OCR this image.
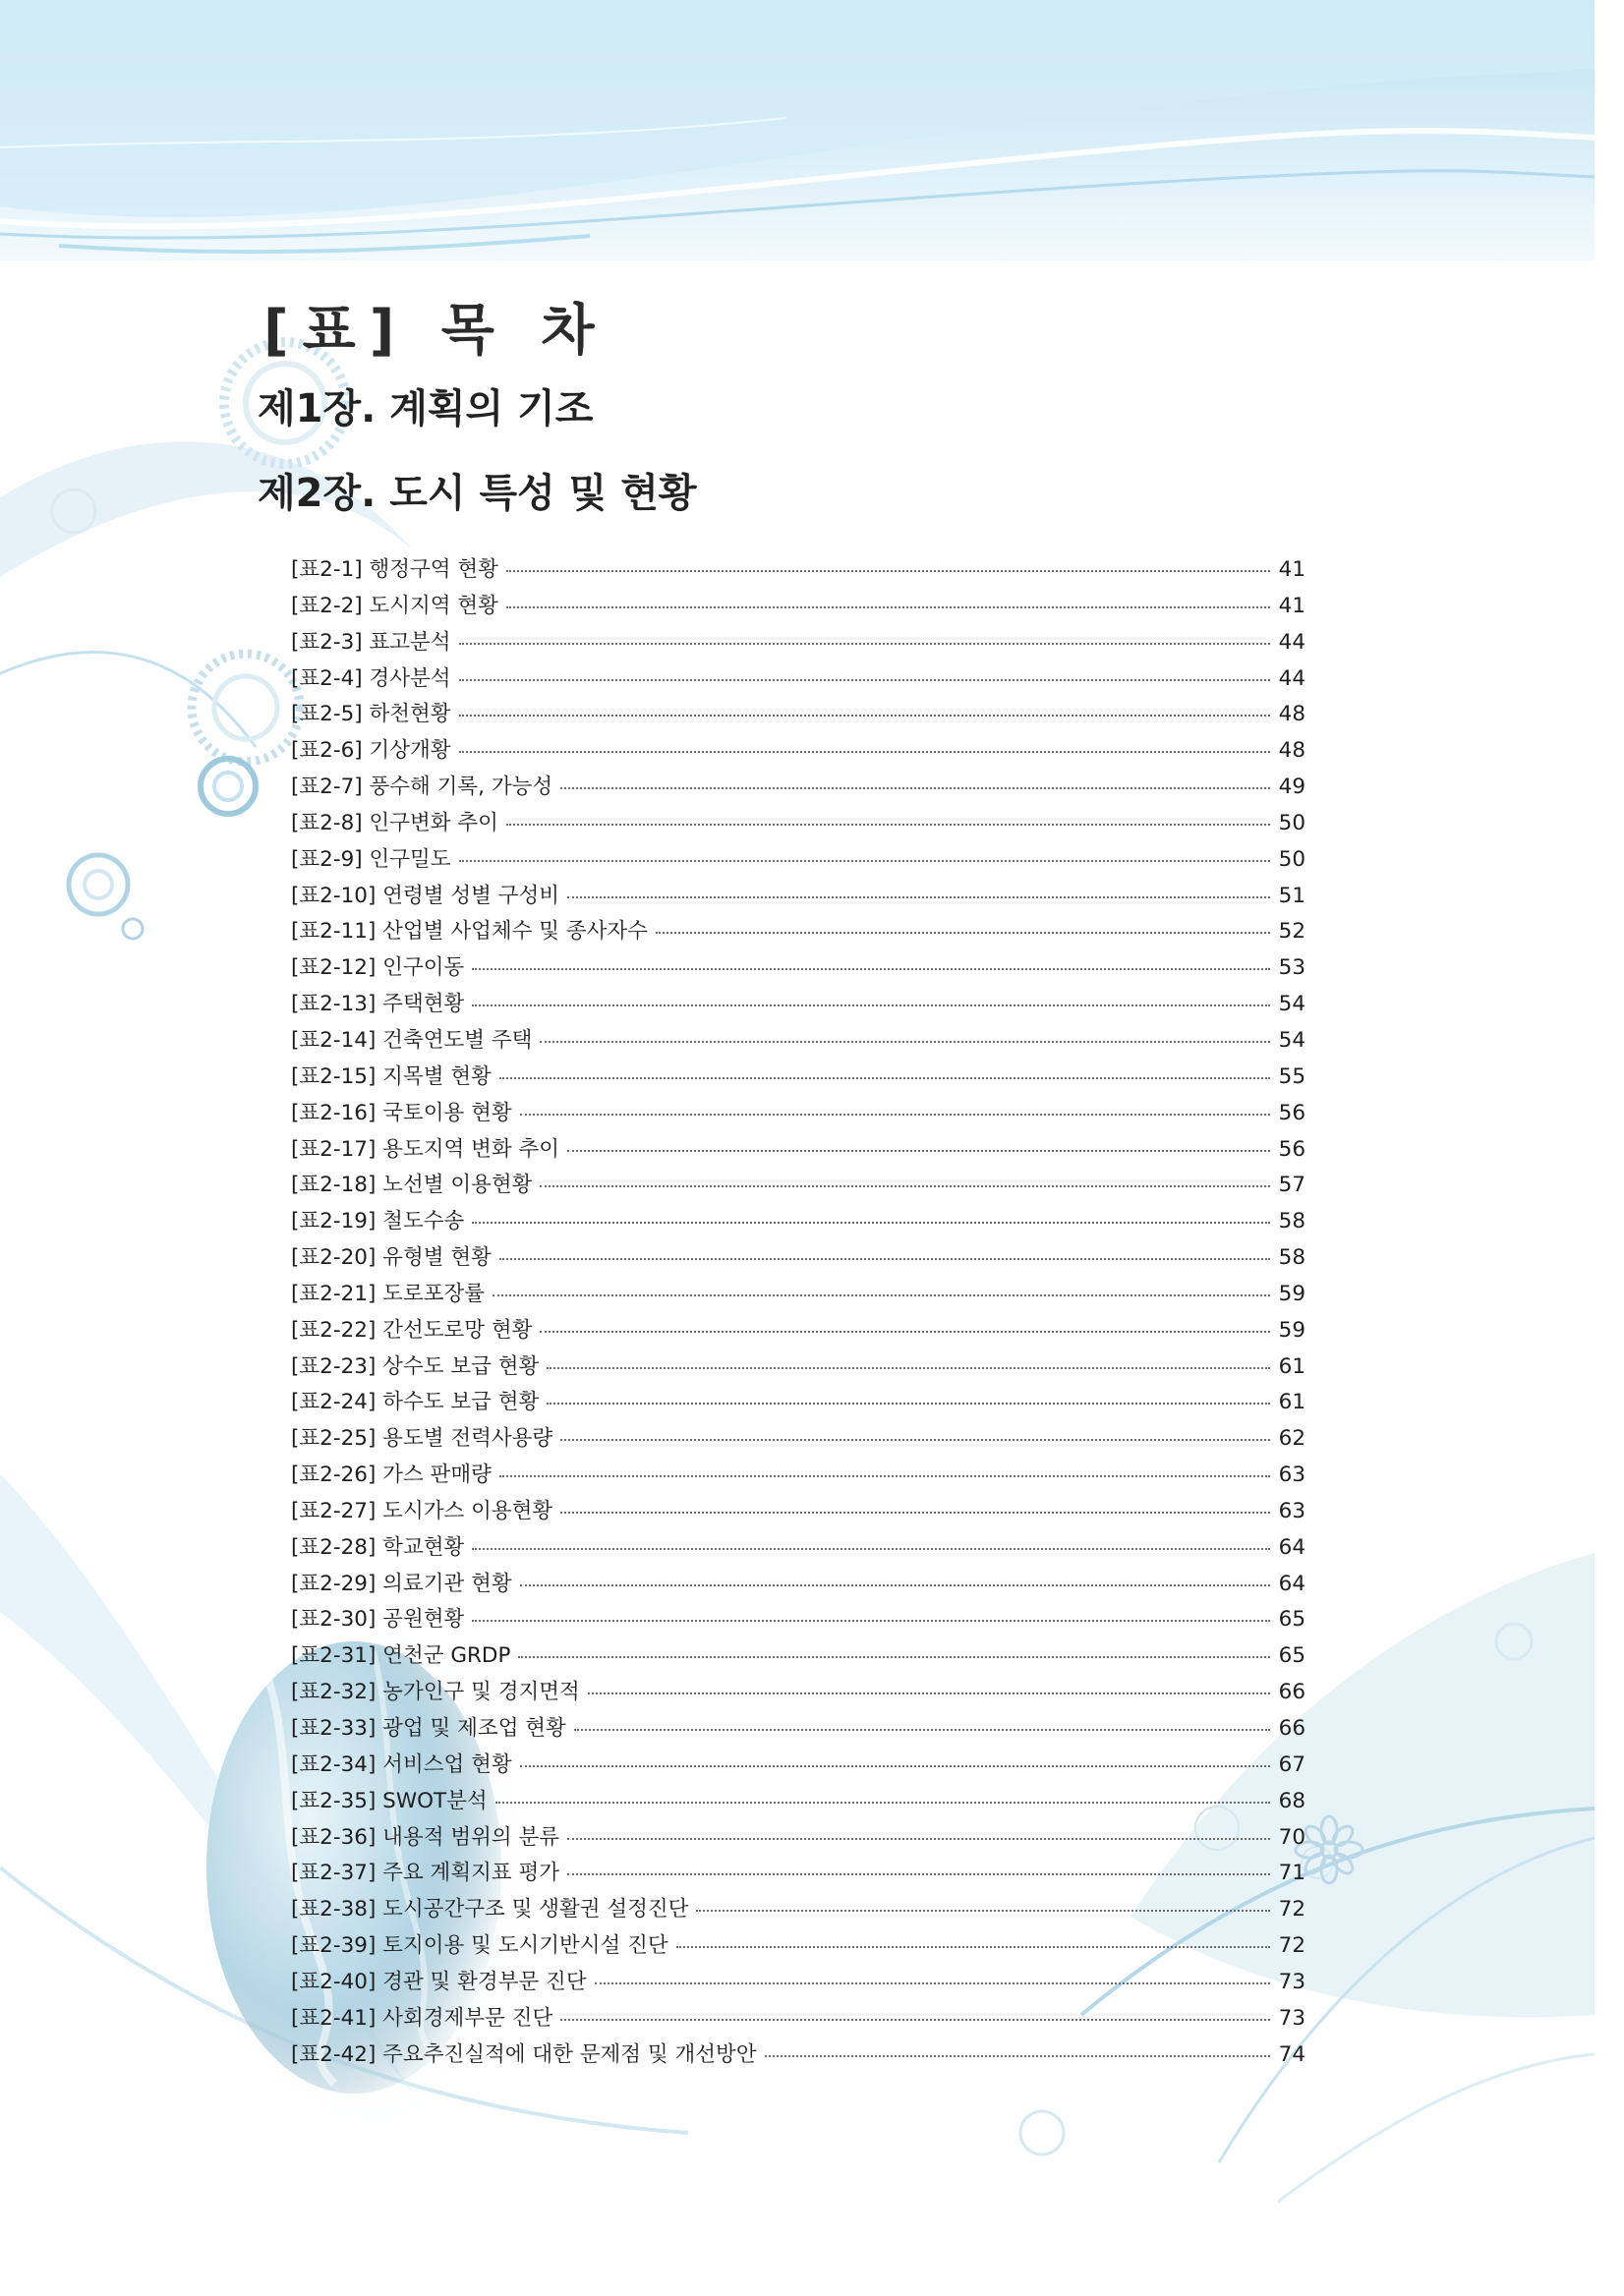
[표] 목 차
제1장. 계획의 기조
제2장. 도시 특성 및 현황
[표2-1] 행정구역 현황	41
[표2-2] 도시지역 현황	41
[표2-3] 표고분석	44
[표2-4] 경사분석	44
[표2-5] 하천현황	48
[표2-6] 기상개황	48
[표2-7] 풍수해 기록, 가능성	49
[표2-8] 인구변화 추이	50
[표2-9] 인구밀도	50
[표2-10] 연령별 성별 구성비	51
[표2-11] 산업별 사업체수 및 종사자수	52
[표2-12] 인구이동	53
[표2-13] 주택현황	54
[표2-14] 건축연도별 주택	54
[표2-15] 지목별 현황	55
[표2-16] 국토이용 현황	56
[표2-17] 용도지역 변화 추이	56
[표2-18] 노선별 이용현황	57
[표2-19] 철도수송	58
[표2-20] 유형별 현황	58
[표2-21] 도로포장률	59
[표2-22] 간선도로망 현황	59
[표2-23] 상수도 보급 현황	61
[표2-24] 하수도 보급 현황	61
[표2-25] 용도별 전력사용량	62
[표2-26] 가스 판매량	63
[표2-27] 도시가스 이용현황	63
[표2-28] 학교현황	64
[표2-29] 의료기관 현황	64
[표2-30] 공원현황	65
[표2-31] 연천군 GRDP	65
[표2-32] 농가인구 및 경지면적	66
[표2-33] 광업 및 제조업 현황	66
[표2-34] 서비스업 현황	67
[표2-35] SWOT분석	68
[표2-36] 내용적 범위의 분류	70
[표2-37] 주요 계획지표 평가	71
[표2-38] 도시공간구조 및 생활권 설정진단	72
[표2-39] 토지이용 및 도시기반시설 진단	72
[표2-40] 경관 및 환경부문 진단	73
[표2-41] 사회경제부문 진단	73
[표2-42] 주요추진실적에 대한 문제점 및 개선방안	74
